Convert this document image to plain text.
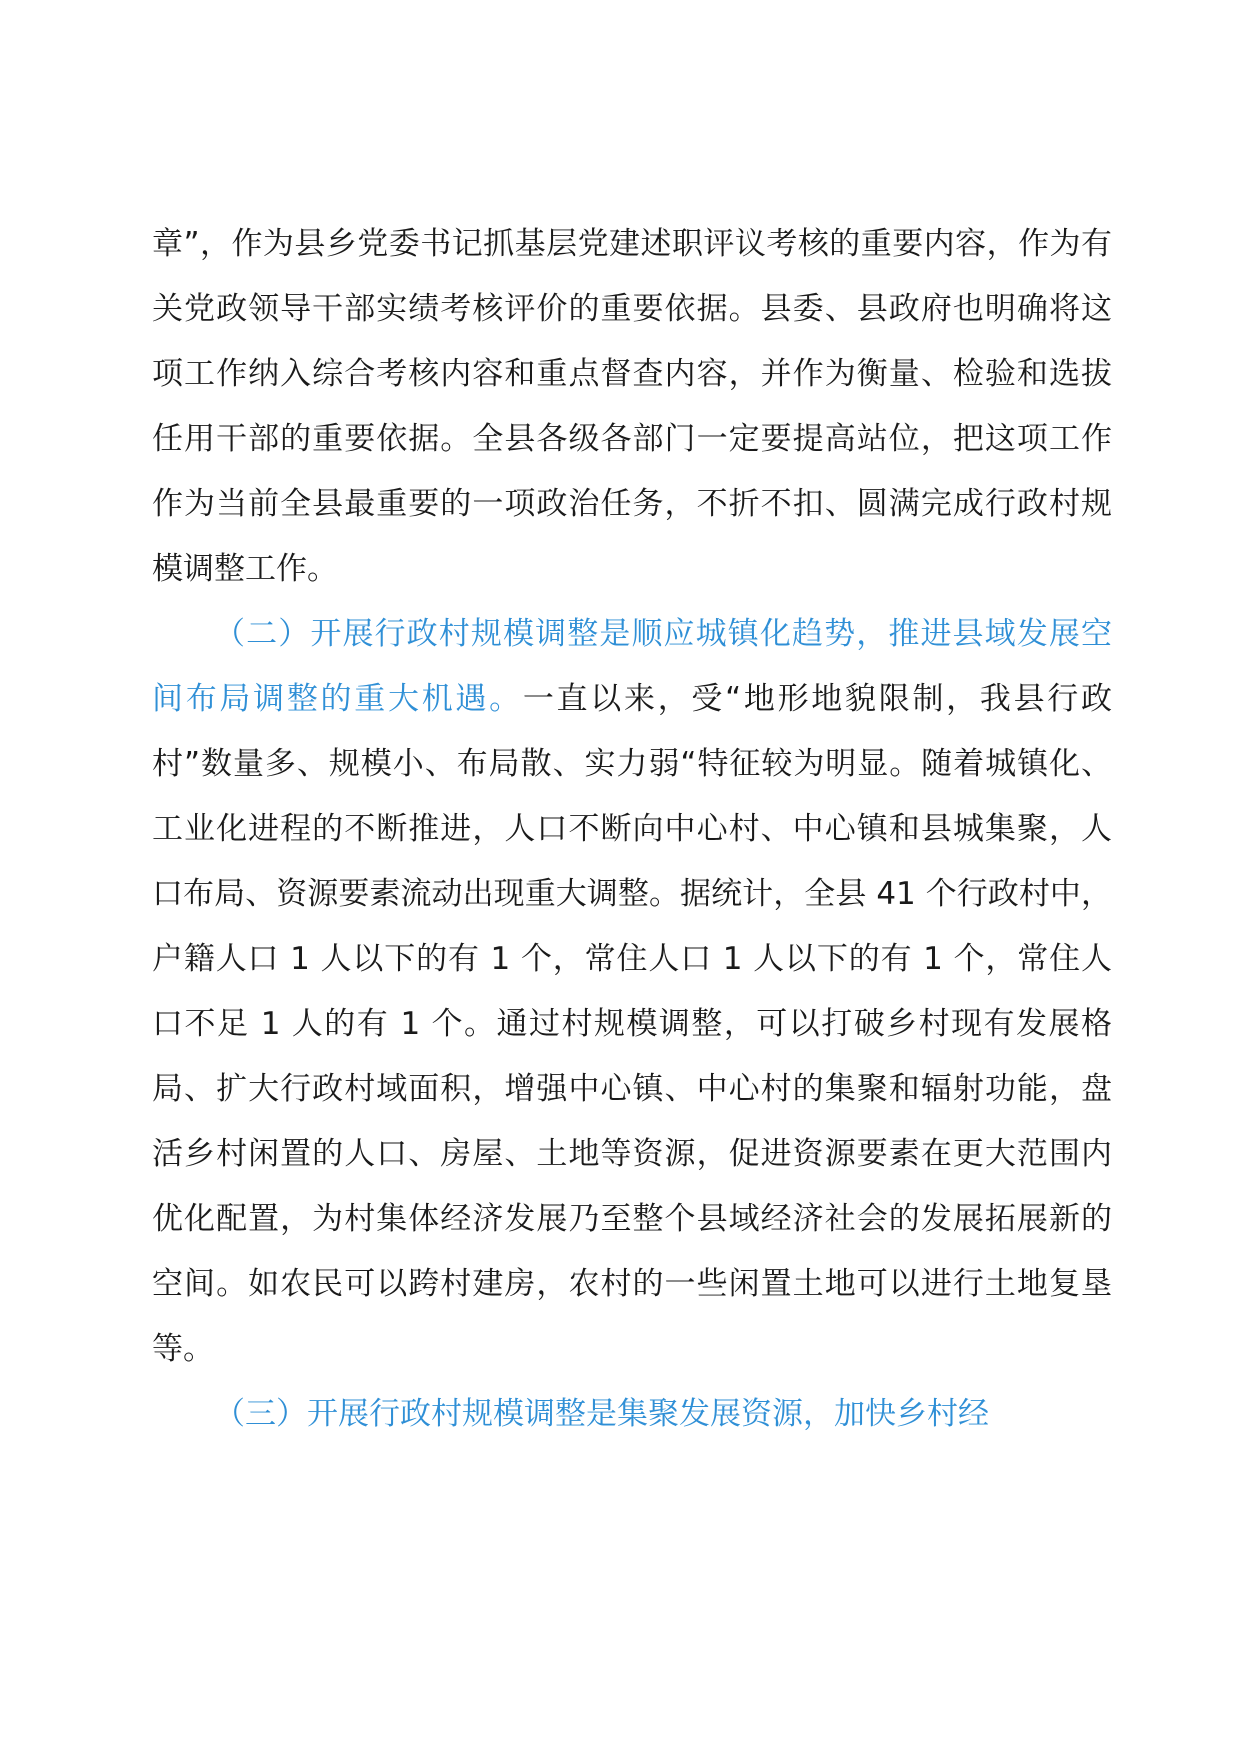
章”，作为县乡党委书记抓基层党建述职评议考核的重要内容，作为有关党政领导干部实绩考核评价的重要依据。县委、县政府也明确将这项工作纳入综合考核内容和重点督查内容，并作为衡量、检验和选拔任用干部的重要依据。全县各级各部门一定要提高站位，把这项工作作为当前全县最重要的一项政治任务，不折不扣、圆满完成行政村规模调整工作。

（二）开展行政村规模调整是顺应城镇化趋势，推进县域发展空间布局调整的重大机遇。一直以来，受“地形地貌限制，我县行政村”数量多、规模小、布局散、实力弱“特征较为明显。随着城镇化、工业化进程的不断推进，人口不断向中心村、中心镇和县城集聚，人口布局、资源要素流动出现重大调整。据统计，全县 41 个行政村中，户籍人口 1 人以下的有 1 个，常住人口 1 人以下的有 1 个，常住人口不足 1 人的有 1 个。通过村规模调整，可以打破乡村现有发展格局、扩大行政村域面积，增强中心镇、中心村的集聚和辐射功能，盘活乡村闲置的人口、房屋、土地等资源，促进资源要素在更大范围内优化配置，为村集体经济发展乃至整个县域经济社会的发展拓展新的空间。如农民可以跨村建房，农村的一些闲置土地可以进行土地复垦等。

（三）开展行政村规模调整是集聚发展资源，加快乡村经
